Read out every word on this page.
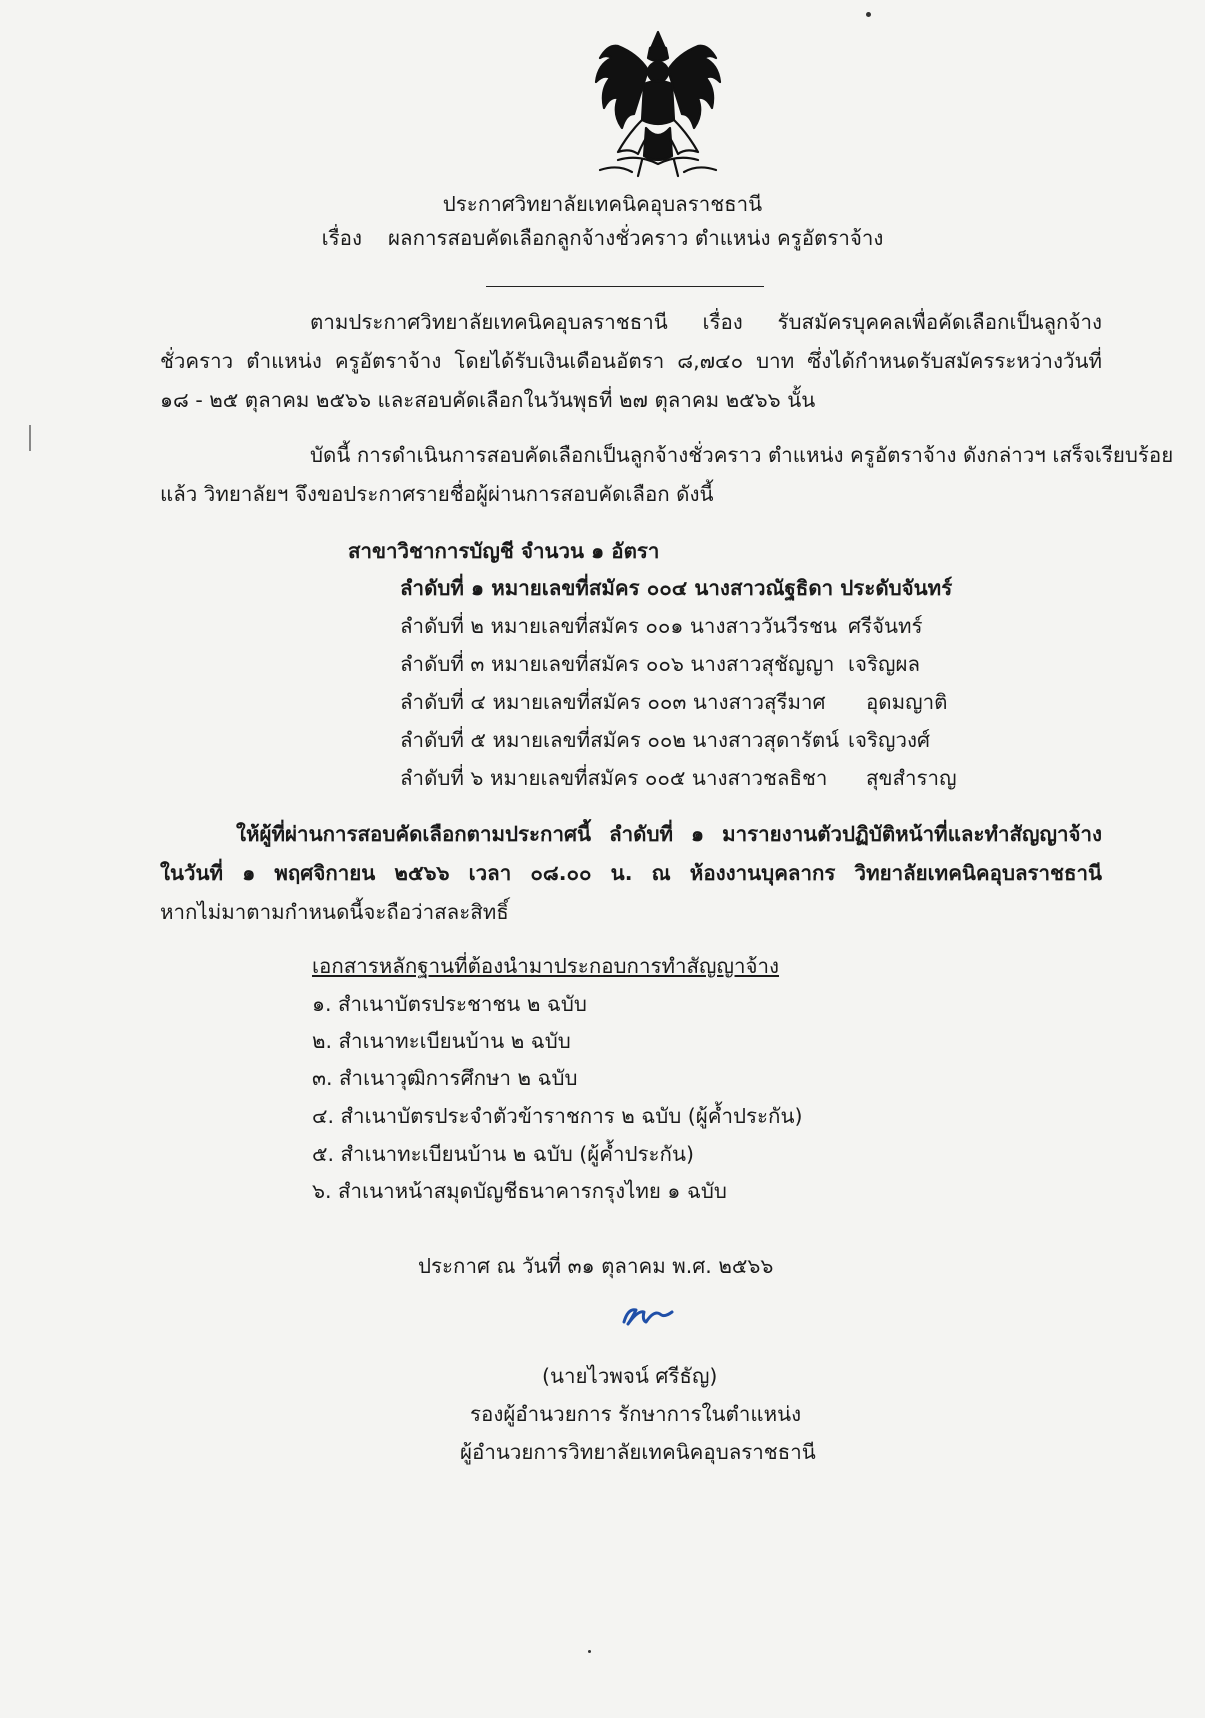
ประกาศวิทยาลัยเทคนิคอุบลราชธานี
เรื่อง ผลการสอบคัดเลือกลูกจ้างชั่วคราว ตำแหน่ง ครูอัตราจ้าง
ตามประกาศวิทยาลัยเทคนิคอุบลราชธานี เรื่อง รับสมัครบุคคลเพื่อคัดเลือกเป็นลูกจ้าง
ชั่วคราว ตำแหน่ง ครูอัตราจ้าง โดยได้รับเงินเดือนอัตรา ๘,๗๔๐ บาท ซึ่งได้กำหนดรับสมัครระหว่างวันที่
๑๘ - ๒๕ ตุลาคม ๒๕๖๖ และสอบคัดเลือกในวันพุธที่ ๒๗ ตุลาคม ๒๕๖๖ นั้น
บัดนี้ การดำเนินการสอบคัดเลือกเป็นลูกจ้างชั่วคราว ตำแหน่ง ครูอัตราจ้าง ดังกล่าวฯ เสร็จเรียบร้อย
แล้ว วิทยาลัยฯ จึงขอประกาศรายชื่อผู้ผ่านการสอบคัดเลือก ดังนี้
สาขาวิชาการบัญชี จำนวน ๑ อัตรา
ลำดับที่ ๑ หมายเลขที่สมัคร ๐๐๔ นางสาวณัฐธิดา ประดับจันทร์
ลำดับที่ ๒ หมายเลขที่สมัคร ๐๐๑ นางสาววันวีรชน ศรีจันทร์
ลำดับที่ ๓ หมายเลขที่สมัคร ๐๐๖ นางสาวสุชัญญา เจริญผล
ลำดับที่ ๔ หมายเลขที่สมัคร ๐๐๓ นางสาวสุรีมาศ อุดมญาติ
ลำดับที่ ๕ หมายเลขที่สมัคร ๐๐๒ นางสาวสุดารัตน์ เจริญวงศ์
ลำดับที่ ๖ หมายเลขที่สมัคร ๐๐๕ นางสาวชลธิชา สุขสำราญ
ให้ผู้ที่ผ่านการสอบคัดเลือกตามประกาศนี้ ลำดับที่ ๑ มารายงานตัวปฏิบัติหน้าที่และทำสัญญาจ้าง
ในวันที่ ๑ พฤศจิกายน ๒๕๖๖ เวลา ๐๘.๐๐ น. ณ ห้องงานบุคลากร วิทยาลัยเทคนิคอุบลราชธานี
หากไม่มาตามกำหนดนี้จะถือว่าสละสิทธิ์
เอกสารหลักฐานที่ต้องนำมาประกอบการทำสัญญาจ้าง
๑. สำเนาบัตรประชาชน ๒ ฉบับ
๒. สำเนาทะเบียนบ้าน ๒ ฉบับ
๓. สำเนาวุฒิการศึกษา ๒ ฉบับ
๔. สำเนาบัตรประจำตัวข้าราชการ ๒ ฉบับ (ผู้ค้ำประกัน)
๕. สำเนาทะเบียนบ้าน ๒ ฉบับ (ผู้ค้ำประกัน)
๖. สำเนาหน้าสมุดบัญชีธนาคารกรุงไทย ๑ ฉบับ
ประกาศ ณ วันที่ ๓๑ ตุลาคม พ.ศ. ๒๕๖๖
(นายไวพจน์ ศรีธัญ)
รองผู้อำนวยการ รักษาการในตำแหน่ง
ผู้อำนวยการวิทยาลัยเทคนิคอุบลราชธานี
